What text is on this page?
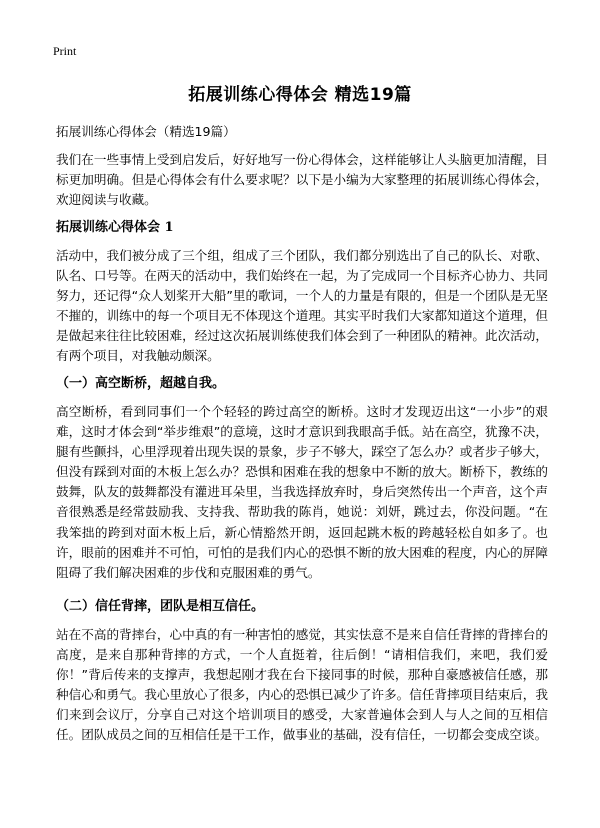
Print
拓展训练心得体会 精选19篇
拓展训练心得体会（精选19篇）
我们在一些事情上受到启发后，好好地写一份心得体会，这样能够让人头脑更加清醒，目标更加明确。但是心得体会有什么要求呢？以下是小编为大家整理的拓展训练心得体会，欢迎阅读与收藏。
拓展训练心得体会 1
活动中，我们被分成了三个组，组成了三个团队，我们都分别选出了自己的队长、对歌、队名、口号等。在两天的活动中，我们始终在一起，为了完成同一个目标齐心协力、共同努力，还记得“众人划桨开大船”里的歌词，一个人的力量是有限的，但是一个团队是无坚不摧的，训练中的每一个项目无不体现这个道理。其实平时我们大家都知道这个道理，但是做起来往往比较困难，经过这次拓展训练使我们体会到了一种团队的精神。此次活动，有两个项目，对我触动颇深。
（一）高空断桥，超越自我。
高空断桥，看到同事们一个个轻轻的跨过高空的断桥。这时才发现迈出这“一小步”的艰难，这时才体会到“举步维艰”的意境，这时才意识到我眼高手低。站在高空，犹豫不决，腿有些颤抖，心里浮现着出现失误的景象，步子不够大，踩空了怎么办？或者步子够大，但没有踩到对面的木板上怎么办？恐惧和困难在我的想象中不断的放大。断桥下，教练的鼓舞，队友的鼓舞都没有灌进耳朵里，当我选择放弃时，身后突然传出一个声音，这个声音很熟悉是经常鼓励我、支持我、帮助我的陈肖，她说：刘妍，跳过去，你没问题。“在我笨拙的跨到对面木板上后，新心情豁然开朗，返回起跳木板的跨越轻松自如多了。也许，眼前的困难并不可怕，可怕的是我们内心的恐惧不断的放大困难的程度，内心的屏障阻碍了我们解决困难的步伐和克服困难的勇气。
（二）信任背摔，团队是相互信任。
站在不高的背摔台，心中真的有一种害怕的感觉，其实怯意不是来自信任背摔的背摔台的高度，是来自那种背摔的方式，一个人直挺着，往后倒！“请相信我们，来吧，我们爱你！”背后传来的支撑声，我想起刚才我在台下接同事的时候，那种自豪感被信任感，那种信心和勇气。我心里放心了很多，内心的恐惧已减少了许多。信任背摔项目结束后，我们来到会议厅，分享自己对这个培训项目的感受，大家普遍体会到人与人之间的互相信任。团队成员之间的互相信任是干工作，做事业的基础，没有信任，一切都会变成空谈。
